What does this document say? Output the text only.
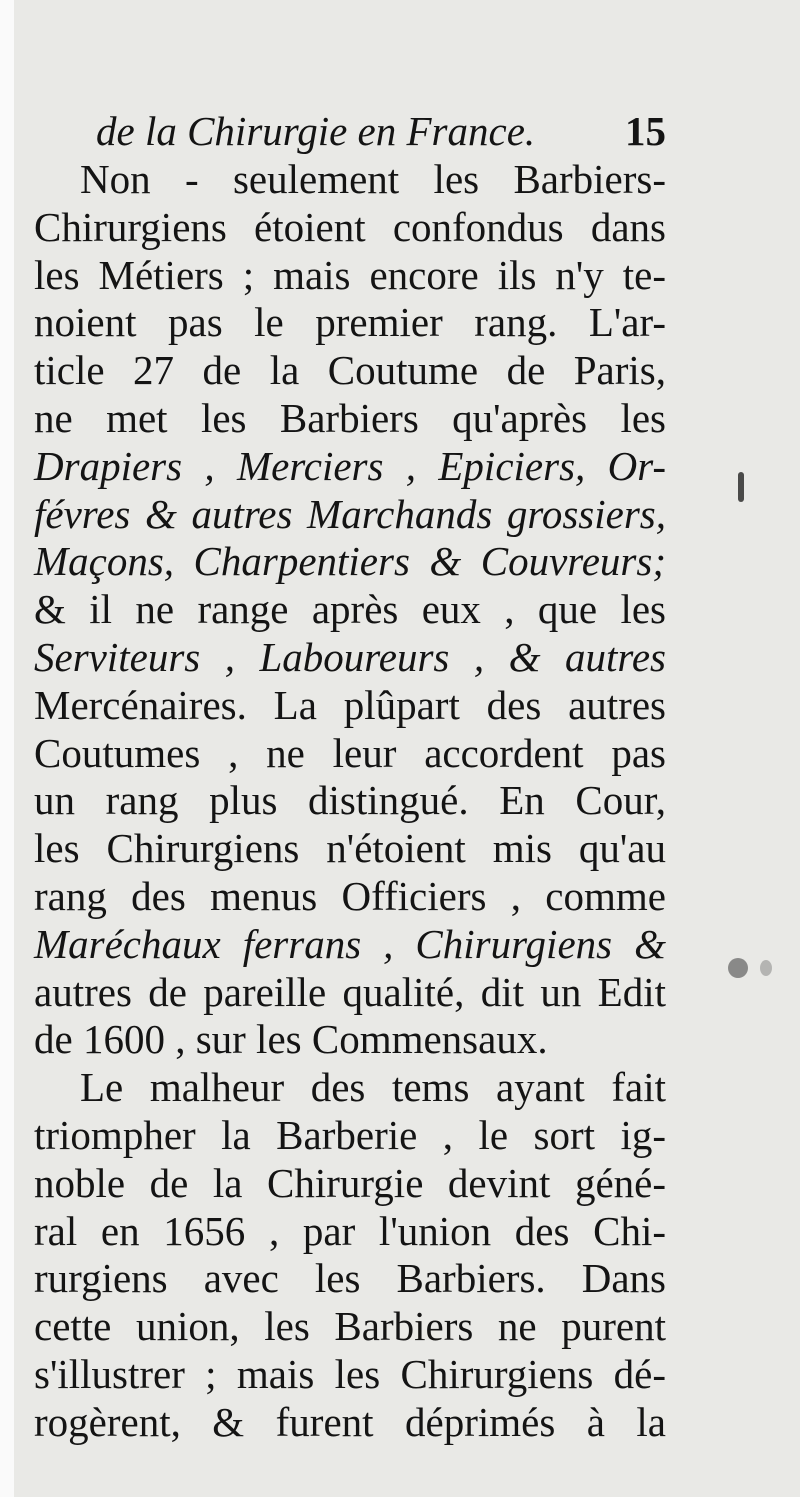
de la Chirurgie en France. 15
Non - seulement les Barbiers-
Chirurgiens étoient confondus dans
les Métiers ; mais encore ils n'y te-
noient pas le premier rang. L'ar-
ticle 27 de la Coutume de Paris,
ne met les Barbiers qu'après les
Drapiers , Merciers , Epiciers, Or-
févres & autres Marchands grossiers,
Maçons, Charpentiers & Couvreurs;
& il ne range après eux , que les
Serviteurs , Laboureurs , & autres
Mercénaires. La plûpart des autres
Coutumes , ne leur accordent pas
un rang plus distingué. En Cour,
les Chirurgiens n'étoient mis qu'au
rang des menus Officiers , comme
Maréchaux ferrans , Chirurgiens &
autres de pareille qualité, dit un Edit
de 1600 , sur les Commensaux.
Le malheur des tems ayant fait
triompher la Barberie , le sort ig-
noble de la Chirurgie devint géné-
ral en 1656 , par l'union des Chi-
rurgiens avec les Barbiers. Dans
cette union, les Barbiers ne purent
s'illustrer ; mais les Chirurgiens dé-
rogèrent, & furent déprimés à la
